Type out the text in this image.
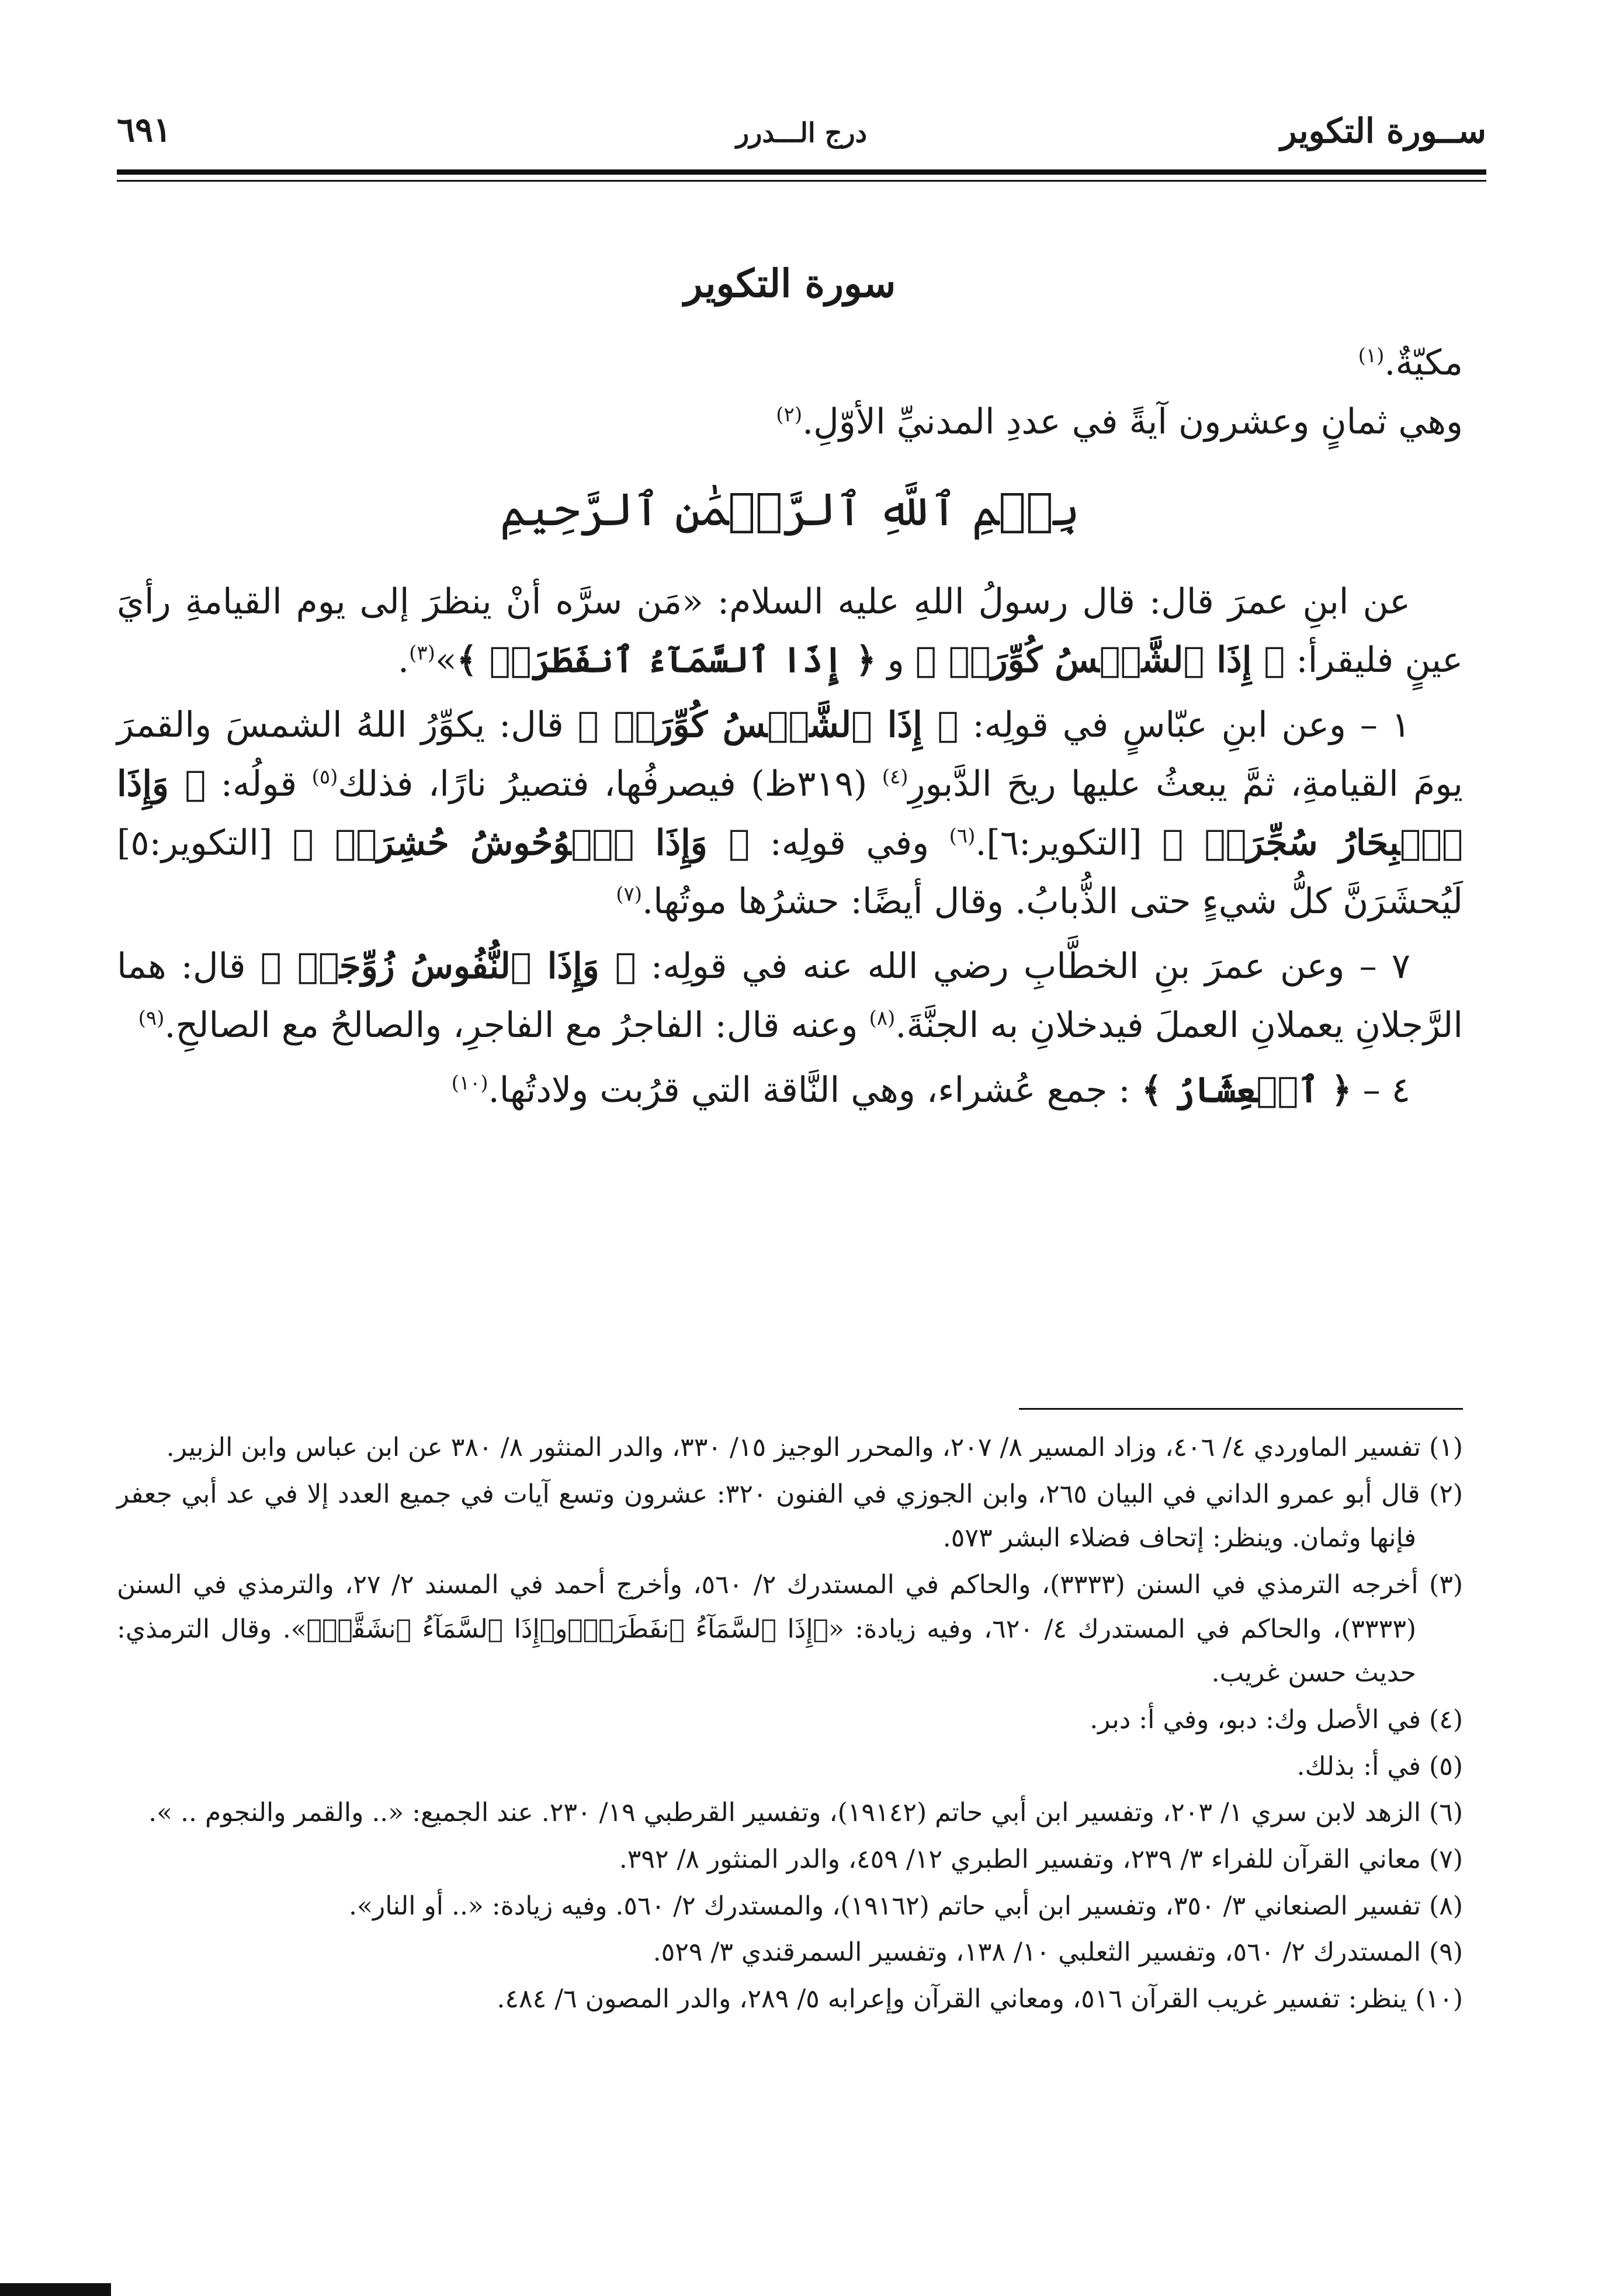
ســورة التكوير
درج الـــدرر
٦٩١
سورة التكوير

مكيّةٌ.$^{(١)}$

وهي ثمانٍ وعشرون آيةً في عددِ المدنيِّ الأوّلِ.$^{(٢)}$

بِسۡمِ ٱللَّهِ ٱلرَّحۡمَٰنِ ٱلرَّحِيمِ

عن ابنِ عمرَ قال: قال رسولُ اللهِ عليه السلام: «مَن سرَّه أنْ ينظرَ إلى يوم القيامةِ رأيَ عينٍ فليقرأ: ﴿ إِذَا ٱلشَّمۡسُ كُوِّرَتۡ ﴾ و ﴿ إِذَا ٱلسَّمَآءُ ٱنفَطَرَتۡ ﴾»$^{(٣)}$.

١ – وعن ابنِ عبّاسٍ في قولِه: ﴿ إِذَا ٱلشَّمۡسُ كُوِّرَتۡ ﴾ قال: يكوِّرُ اللهُ الشمسَ والقمرَ يومَ القيامةِ، ثمَّ يبعثُ عليها ريحَ الدَّبورِ$^{(٤)}$ (٣١٩ظ) فيصرفُها، فتصيرُ نارًا، فذلك$^{(٥)}$ قولُه: ﴿ وَإِذَا ٱلۡبِحَارُ سُجِّرَتۡ ﴾ [التكوير:٦].$^{(٦)}$ وفي قولِه: ﴿ وَإِذَا ٱلۡوُحُوشُ حُشِرَتۡ ﴾ [التكوير:٥] لَيُحشَرَنَّ كلُّ شيءٍ حتى الذُّبابُ. وقال أيضًا: حشرُها موتُها.$^{(٧)}$

٧ – وعن عمرَ بنِ الخطَّابِ رضي الله عنه في قولِه: ﴿ وَإِذَا ٱلنُّفُوسُ زُوِّجَتۡ ﴾ قال: هما الرَّجلانِ يعملانِ العملَ فيدخلانِ به الجنَّةَ.$^{(٨)}$ وعنه قال: الفاجرُ مع الفاجرِ، والصالحُ مع الصالحِ.$^{(٩)}$

٤ – ﴿ ٱلۡعِشَارُ ﴾ : جمع عُشراء، وهي النَّاقة التي قرُبت ولادتُها.$^{(١٠)}$

(١) تفسير الماوردي ٤/ ٤٠٦، وزاد المسير ٨/ ٢٠٧، والمحرر الوجيز ١٥/ ٣٣٠، والدر المنثور ٨/ ٣٨٠ عن ابن عباس وابن الزبير.

(٢) قال أبو عمرو الداني في البيان ٢٦٥، وابن الجوزي في الفنون ٣٢٠: عشرون وتسع آيات في جميع العدد إلا في عد أبي جعفر فإنها وثمان. وينظر: إتحاف فضلاء البشر ٥٧٣.

(٣) أخرجه الترمذي في السنن (٣٣٣٣)، والحاكم في المستدرك ٢/ ٥٦٠، وأخرج أحمد في المسند ٢/ ٢٧، والترمذي في السنن (٣٣٣٣)، والحاكم في المستدرك ٤/ ٦٢٠، وفيه زيادة: «﴿إِذَا ٱلسَّمَآءُ ٱنفَطَرَتۡ﴾و﴿إِذَا ٱلسَّمَآءُ ٱنشَقَّتۡ﴾». وقال الترمذي: حديث حسن غريب.

(٤) في الأصل وك: دبو، وفي أ: دبر.

(٥) في أ: بذلك.

(٦) الزهد لابن سري ١/ ٢٠٣، وتفسير ابن أبي حاتم (١٩١٤٢)، وتفسير القرطبي ١٩/ ٢٣٠. عند الجميع: «.. والقمر والنجوم .. ».

(٧) معاني القرآن للفراء ٣/ ٢٣٩، وتفسير الطبري ١٢/ ٤٥٩، والدر المنثور ٨/ ٣٩٢.

(٨) تفسير الصنعاني ٣/ ٣٥٠، وتفسير ابن أبي حاتم (١٩١٦٢)، والمستدرك ٢/ ٥٦٠. وفيه زيادة: «.. أو النار».

(٩) المستدرك ٢/ ٥٦٠، وتفسير الثعلبي ١٠/ ١٣٨، وتفسير السمرقندي ٣/ ٥٢٩.

(١٠) ينظر: تفسير غريب القرآن ٥١٦، ومعاني القرآن وإعرابه ٥/ ٢٨٩، والدر المصون ٦/ ٤٨٤.
